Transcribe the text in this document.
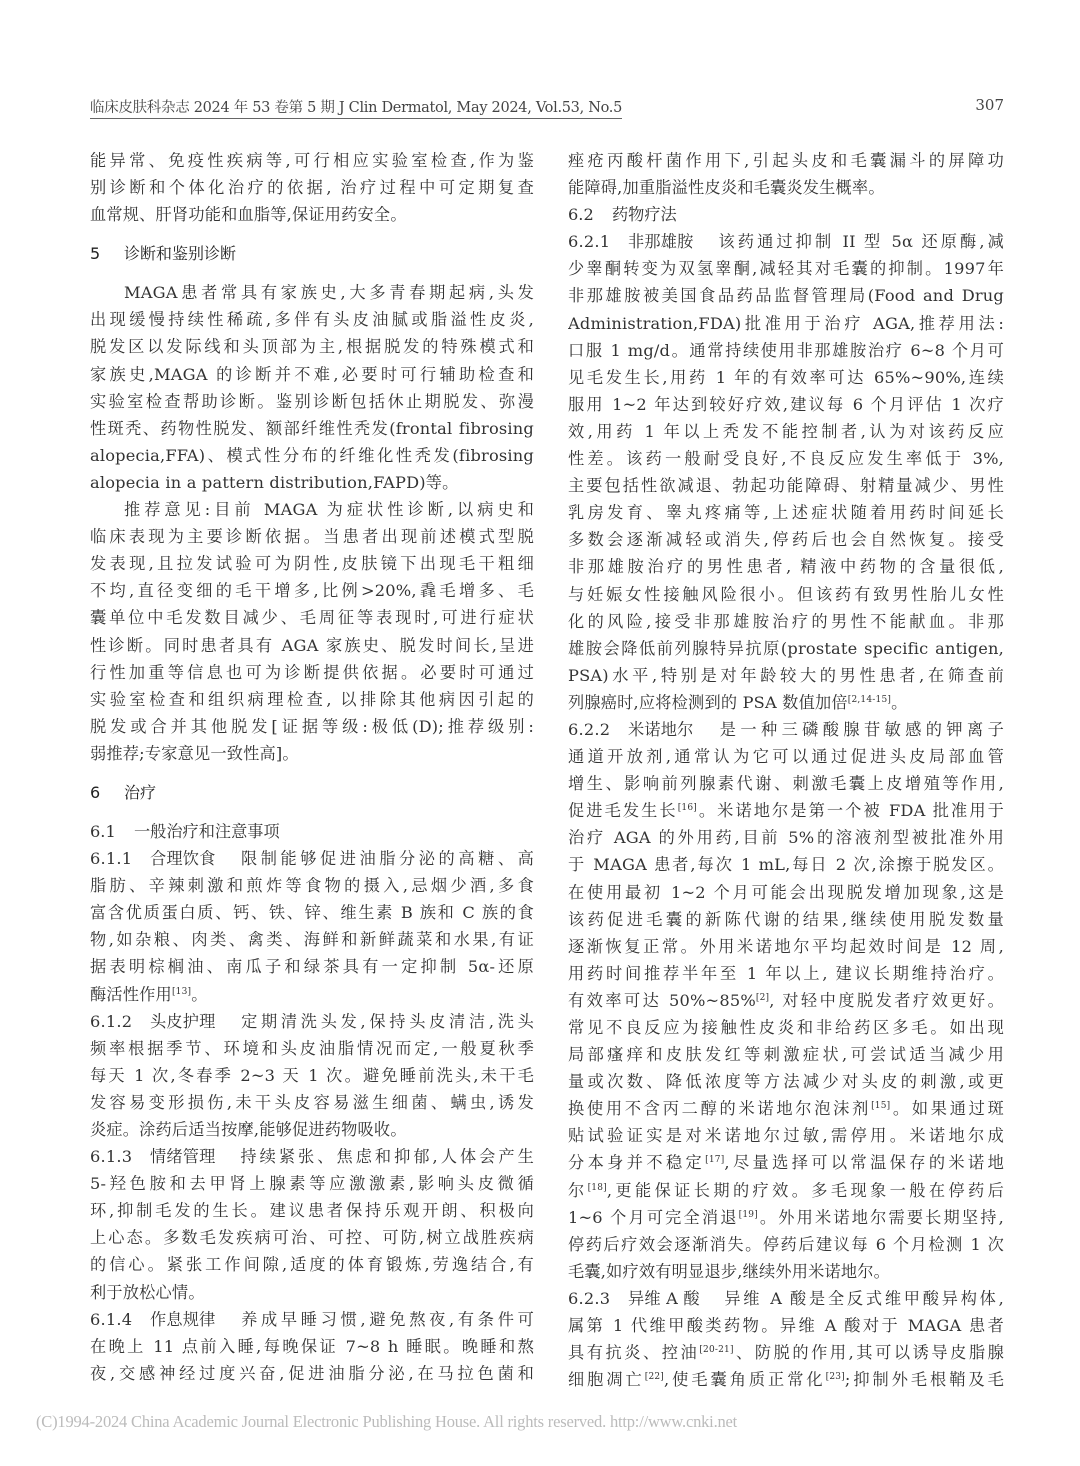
临床皮肤科杂志 2024 年 53 卷第 5 期 J Clin Dermatol, May 2024, Vol.53, No.5	307
能异常、免疫性疾病等,可行相应实验室检查,作为鉴
别诊断和个体化治疗的依据, 治疗过程中可定期复查
血常规、肝肾功能和血脂等,保证用药安全。
5 诊断和鉴别诊断
MAGA患者常具有家族史,大多青春期起病,头发
出现缓慢持续性稀疏,多伴有头皮油腻或脂溢性皮炎,
脱发区以发际线和头顶部为主,根据脱发的特殊模式和
家族史,MAGA 的诊断并不难,必要时可行辅助检查和
实验室检查帮助诊断。鉴别诊断包括休止期脱发、弥漫
性斑秃、药物性脱发、额部纤维性秃发(frontal fibrosing
alopecia,FFA)、模式性分布的纤维化性秃发(fibrosing
alopecia in a pattern distribution,FAPD)等。
推荐意见:目前 MAGA 为症状性诊断,以病史和
临床表现为主要诊断依据。当患者出现前述模式型脱
发表现,且拉发试验可为阴性,皮肤镜下出现毛干粗细
不均,直径变细的毛干增多,比例>20%,毳毛增多、毛
囊单位中毛发数目减少、毛周征等表现时,可进行症状
性诊断。同时患者具有 AGA 家族史、脱发时间长,呈进
行性加重等信息也可为诊断提供依据。必要时可通过
实验室检查和组织病理检查, 以排除其他病因引起的
脱发或合并其他脱发[证据等级:极低(D);推荐级别:
弱推荐;专家意见一致性高]。
6 治疗
6.1 一般治疗和注意事项
6.1.1 合理饮食 限制能够促进油脂分泌的高糖、高
脂肪、辛辣刺激和煎炸等食物的摄入,忌烟少酒,多食
富含优质蛋白质、钙、铁、锌、维生素 B 族和 C 族的食
物,如杂粮、肉类、禽类、海鲜和新鲜蔬菜和水果,有证
据表明棕榈油、南瓜子和绿茶具有一定抑制 5α-还原
酶活性作用[13]。
6.1.2 头皮护理 定期清洗头发,保持头皮清洁,洗头
频率根据季节、环境和头皮油脂情况而定,一般夏秋季
每天 1 次,冬春季 2~3 天 1 次。避免睡前洗头,未干毛
发容易变形损伤,未干头皮容易滋生细菌、螨虫,诱发
炎症。涂药后适当按摩,能够促进药物吸收。
6.1.3 情绪管理 持续紧张、焦虑和抑郁,人体会产生
5-羟色胺和去甲肾上腺素等应激激素,影响头皮微循
环,抑制毛发的生长。建议患者保持乐观开朗、积极向
上心态。多数毛发疾病可治、可控、可防,树立战胜疾病
的信心。紧张工作间隙,适度的体育锻炼,劳逸结合,有
利于放松心情。
6.1.4 作息规律 养成早睡习惯,避免熬夜,有条件可
在晚上 11 点前入睡,每晚保证 7~8 h 睡眠。晚睡和熬
夜,交感神经过度兴奋,促进油脂分泌,在马拉色菌和
痤疮丙酸杆菌作用下,引起头皮和毛囊漏斗的屏障功
能障碍,加重脂溢性皮炎和毛囊炎发生概率。
6.2 药物疗法
6.2.1 非那雄胺 该药通过抑制 II 型 5α 还原酶,减
少睾酮转变为双氢睾酮,减轻其对毛囊的抑制。1997年
非那雄胺被美国食品药品监督管理局(Food and Drug
Administration,FDA)批准用于治疗 AGA,推荐用法:
口服 1 mg/d。通常持续使用非那雄胺治疗 6~8 个月可
见毛发生长,用药 1 年的有效率可达 65%~90%,连续
服用 1~2 年达到较好疗效,建议每 6 个月评估 1 次疗
效,用药 1 年以上秃发不能控制者,认为对该药反应
性差。该药一般耐受良好,不良反应发生率低于 3%,
主要包括性欲减退、勃起功能障碍、射精量减少、男性
乳房发育、睾丸疼痛等,上述症状随着用药时间延长
多数会逐渐减轻或消失,停药后也会自然恢复。接受
非那雄胺治疗的男性患者, 精液中药物的含量很低,
与妊娠女性接触风险很小。但该药有致男性胎儿女性
化的风险,接受非那雄胺治疗的男性不能献血。非那
雄胺会降低前列腺特异抗原(prostate specific antigen,
PSA)水平,特别是对年龄较大的男性患者,在筛查前
列腺癌时,应将检测到的 PSA 数值加倍[2,14-15]。
6.2.2 米诺地尔 是一种三磷酸腺苷敏感的钾离子
通道开放剂,通常认为它可以通过促进头皮局部血管
增生、影响前列腺素代谢、刺激毛囊上皮增殖等作用,
促进毛发生长[16]。米诺地尔是第一个被 FDA 批准用于
治疗 AGA 的外用药,目前 5%的溶液剂型被批准外用
于 MAGA 患者,每次 1 mL,每日 2 次,涂擦于脱发区。
在使用最初 1~2 个月可能会出现脱发增加现象,这是
该药促进毛囊的新陈代谢的结果,继续使用脱发数量
逐渐恢复正常。外用米诺地尔平均起效时间是 12 周,
用药时间推荐半年至 1 年以上, 建议长期维持治疗。
有效率可达 50%~85%[2], 对轻中度脱发者疗效更好。
常见不良反应为接触性皮炎和非给药区多毛。如出现
局部瘙痒和皮肤发红等刺激症状,可尝试适当减少用
量或次数、降低浓度等方法减少对头皮的刺激,或更
换使用不含丙二醇的米诺地尔泡沫剂[15]。如果通过斑
贴试验证实是对米诺地尔过敏,需停用。米诺地尔成
分本身并不稳定[17],尽量选择可以常温保存的米诺地
尔[18],更能保证长期的疗效。多毛现象一般在停药后
1~6 个月可完全消退[19]。外用米诺地尔需要长期坚持,
停药后疗效会逐渐消失。停药后建议每 6 个月检测 1 次
毛囊,如疗效有明显退步,继续外用米诺地尔。
6.2.3 异维 A 酸 异维 A 酸是全反式维甲酸异构体,
属第 1 代维甲酸类药物。异维 A 酸对于 MAGA 患者
具有抗炎、控油[20-21]、防脱的作用,其可以诱导皮脂腺
细胞凋亡[22],使毛囊角质正常化[23];抑制外毛根鞘及毛
(C)1994-2024 China Academic Journal Electronic Publishing House. All rights reserved. http://www.cnki.net
